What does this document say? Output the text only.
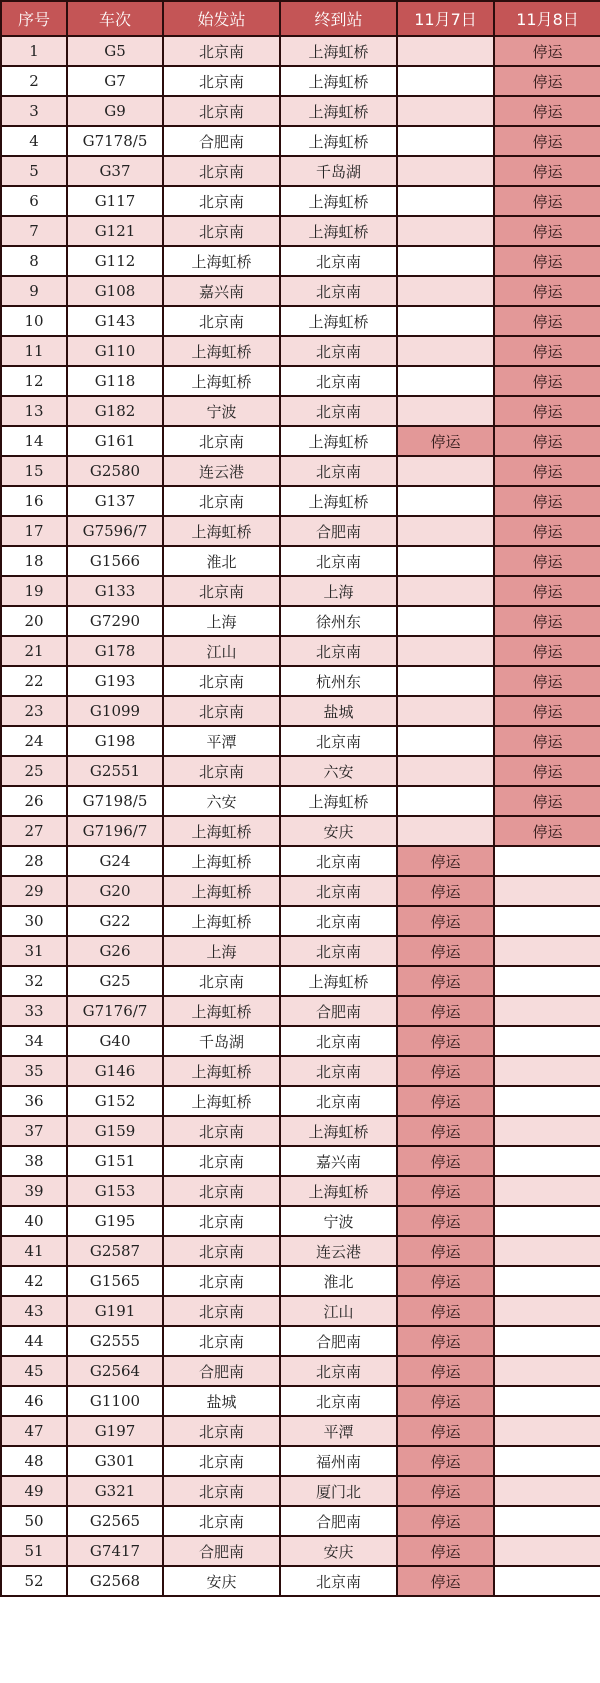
序号	车次	始发站	终到站	11月7日	11月8日
1	G5	北京南	上海虹桥		停运
2	G7	北京南	上海虹桥		停运
3	G9	北京南	上海虹桥		停运
4	G7178/5	合肥南	上海虹桥		停运
5	G37	北京南	千岛湖		停运
6	G117	北京南	上海虹桥		停运
7	G121	北京南	上海虹桥		停运
8	G112	上海虹桥	北京南		停运
9	G108	嘉兴南	北京南		停运
10	G143	北京南	上海虹桥		停运
11	G110	上海虹桥	北京南		停运
12	G118	上海虹桥	北京南		停运
13	G182	宁波	北京南		停运
14	G161	北京南	上海虹桥	停运	停运
15	G2580	连云港	北京南		停运
16	G137	北京南	上海虹桥		停运
17	G7596/7	上海虹桥	合肥南		停运
18	G1566	淮北	北京南		停运
19	G133	北京南	上海		停运
20	G7290	上海	徐州东		停运
21	G178	江山	北京南		停运
22	G193	北京南	杭州东		停运
23	G1099	北京南	盐城		停运
24	G198	平潭	北京南		停运
25	G2551	北京南	六安		停运
26	G7198/5	六安	上海虹桥		停运
27	G7196/7	上海虹桥	安庆		停运
28	G24	上海虹桥	北京南	停运	
29	G20	上海虹桥	北京南	停运	
30	G22	上海虹桥	北京南	停运	
31	G26	上海	北京南	停运	
32	G25	北京南	上海虹桥	停运	
33	G7176/7	上海虹桥	合肥南	停运	
34	G40	千岛湖	北京南	停运	
35	G146	上海虹桥	北京南	停运	
36	G152	上海虹桥	北京南	停运	
37	G159	北京南	上海虹桥	停运	
38	G151	北京南	嘉兴南	停运	
39	G153	北京南	上海虹桥	停运	
40	G195	北京南	宁波	停运	
41	G2587	北京南	连云港	停运	
42	G1565	北京南	淮北	停运	
43	G191	北京南	江山	停运	
44	G2555	北京南	合肥南	停运	
45	G2564	合肥南	北京南	停运	
46	G1100	盐城	北京南	停运	
47	G197	北京南	平潭	停运	
48	G301	北京南	福州南	停运	
49	G321	北京南	厦门北	停运	
50	G2565	北京南	合肥南	停运	
51	G7417	合肥南	安庆	停运	
52	G2568	安庆	北京南	停运	
